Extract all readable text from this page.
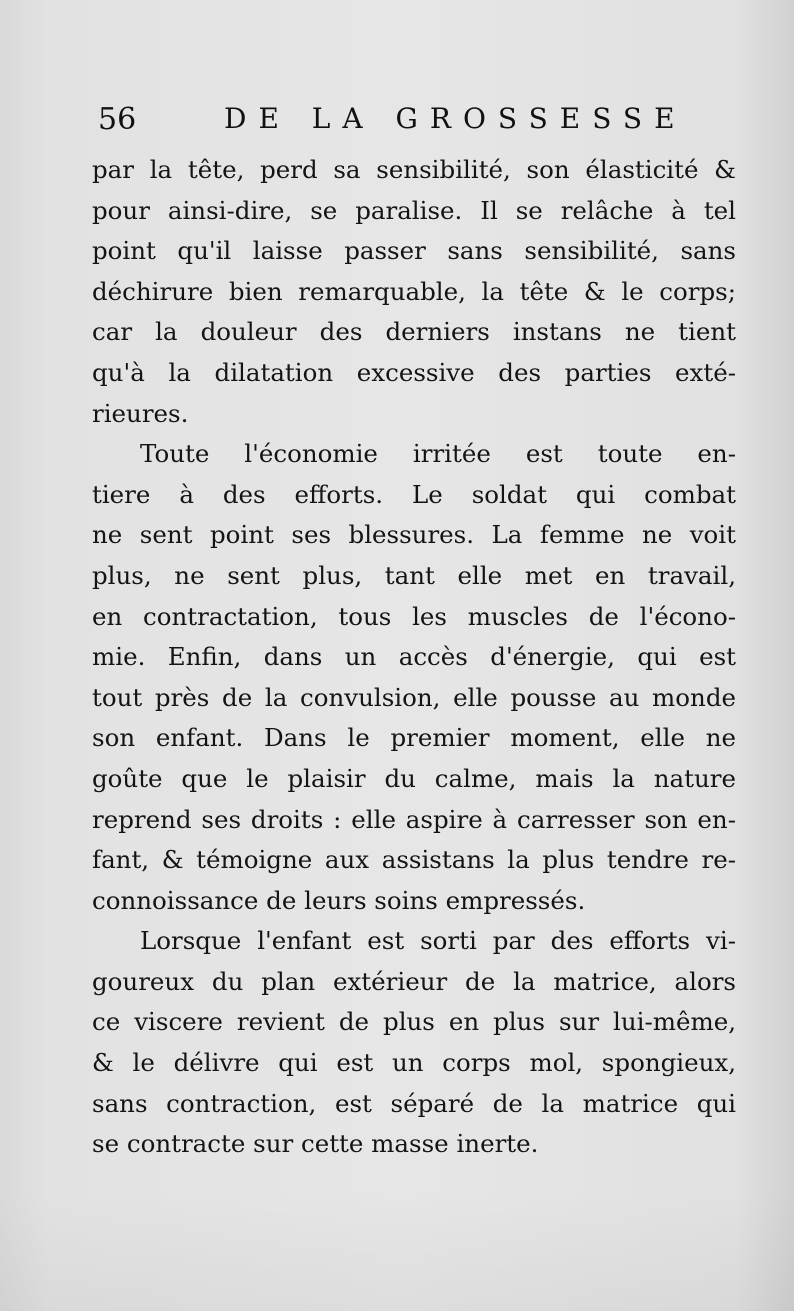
56	DE LA GROSSESSE
par la tête, perd sa sensibilité, son élasticité &
pour ainsi-dire, se paralise. Il se relâche à tel
point qu'il laisse passer sans sensibilité, sans
déchirure bien remarquable, la tête & le corps;
car la douleur des derniers instans ne tient
qu'à la dilatation excessive des parties exté-
rieures.
Toute l'économie irritée est toute en-
tiere à des efforts. Le soldat qui combat
ne sent point ses blessures. La femme ne voit
plus, ne sent plus, tant elle met en travail,
en contractation, tous les muscles de l'écono-
mie. Enfin, dans un accès d'énergie, qui est
tout près de la convulsion, elle pousse au monde
son enfant. Dans le premier moment, elle ne
goûte que le plaisir du calme, mais la nature
reprend ses droits : elle aspire à carresser son en-
fant, & témoigne aux assistans la plus tendre re-
connoissance de leurs soins empressés.
Lorsque l'enfant est sorti par des efforts vi-
goureux du plan extérieur de la matrice, alors
ce viscere revient de plus en plus sur lui-même,
& le délivre qui est un corps mol, spongieux,
sans contraction, est séparé de la matrice qui
se contracte sur cette masse inerte.
